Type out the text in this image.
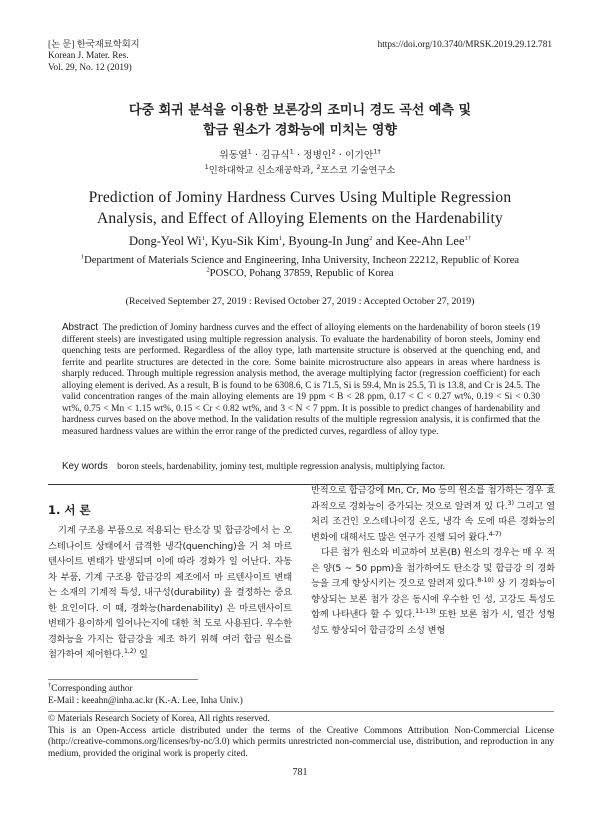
[논 문] 한국재료학회지
Korean J. Mater. Res.
Vol. 29, No. 12 (2019)
https://doi.org/10.3740/MRSK.2019.29.12.781
다중 회귀 분석을 이용한 보론강의 조미니 경도 곡선 예측 및
합금 원소가 경화능에 미치는 영향
위동열$^1$ · 김규식$^1$ · 정병인$^2$ · 이기안$^{1\dagger}$
$^1$인하대학교 신소재공학과, $^2$포스코 기술연구소
Prediction of Jominy Hardness Curves Using Multiple Regression
Analysis, and Effect of Alloying Elements on the Hardenability
Dong-Yeol Wi$^1$, Kyu-Sik Kim$^1$, Byoung-In Jung$^2$ and Kee-Ahn Lee$^{1\dagger}$
$^1$Department of Materials Science and Engineering, Inha University, Incheon 22212, Republic of Korea
$^2$POSCO, Pohang 37859, Republic of Korea
(Received September 27, 2019 : Revised October 27, 2019 : Accepted October 27, 2019)
Abstract The prediction of Jominy hardness curves and the effect of alloying elements on the hardenability of boron steels (19 different steels) are investigated using multiple regression analysis. To evaluate the hardenability of boron steels, Jominy end quenching tests are performed. Regardless of the alloy type, lath martensite structure is observed at the quenching end, and ferrite and pearlite structures are detected in the core. Some bainite microstructure also appears in areas where hardness is sharply reduced. Through multiple regression analysis method, the average multiplying factor (regression coefficient) for each alloying element is derived. As a result, B is found to be 6308.6, C is 71.5, Si is 59.4, Mn is 25.5, Ti is 13.8, and Cr is 24.5. The valid concentration ranges of the main alloying elements are 19 ppm < B < 28 ppm, 0.17 < C < 0.27 wt%, 0.19 < Si < 0.30 wt%, 0.75 < Mn < 1.15 wt%, 0.15 < Cr < 0.82 wt%, and 3 < N < 7 ppm. It is possible to predict changes of hardenability and hardness curves based on the above method. In the validation results of the multiple regression analysis, it is confirmed that the measured hardness values are within the error range of the predicted curves, regardless of alloy type.
Key words boron steels, hardenability, jominy test, multiple regression analysis, multiplying factor.
1. 서 론
기계 구조용 부품으로 적용되는 탄소강 및 합금강에서 는 오스테나이트 상태에서 급격한 냉각(quenching)을 거 쳐 마르텐사이트 변태가 발생되며 이에 따라 경화가 일 어난다. 자동차 부품, 기계 구조용 합금강의 제조에서 마 르텐사이트 변태는 소재의 기계적 특성, 내구성(durability) 을 결정하는 중요한 요인이다. 이 때, 경화능(hardenability) 은 마르텐사이트 변태가 용이하게 일어나는지에 대한 척 도로 사용된다. 우수한 경화능을 가지는 합금강을 제조 하기 위해 여러 합금 원소를 첨가하여 제어한다.$^{1,2)}$ 일
반적으로 합금강에 Mn, Cr, Mo 등의 원소를 첨가하는 경우 효과적으로 경화능이 증가되는 것으로 알려져 있 다.$^{3)}$ 그리고 열처리 조건인 오스테나이징 온도, 냉각 속 도에 따른 경화능의 변화에 대해서도 많은 연구가 진행 되어 왔다.$^{4-7)}$
다른 첨가 원소와 비교하여 보론(B) 원소의 경우는 매 우 적은 양(5 ~ 50 ppm)을 첨가하여도 탄소강 및 합금강 의 경화능을 크게 향상시키는 것으로 알려져 있다.$^{8-10)}$ 상 기 경화능이 향상되는 보론 첨가 강은 동시에 우수한 인 성, 고강도 특성도 함께 나타낸다 할 수 있다.$^{11-13)}$ 또한 보론 첨가 시, 열간 성형성도 향상되어 합금강의 소성 변형
†Corresponding author
E-Mail : keeahn@inha.ac.kr (K.-A. Lee, Inha Univ.)
© Materials Research Society of Korea, All rights reserved.
This is an Open-Access article distributed under the terms of the Creative Commons Attribution Non-Commercial License (http://creative-commons.org/licenses/by-nc/3.0) which permits unrestricted non-commercial use, distribution, and reproduction in any medium, provided the original work is properly cited.
781
